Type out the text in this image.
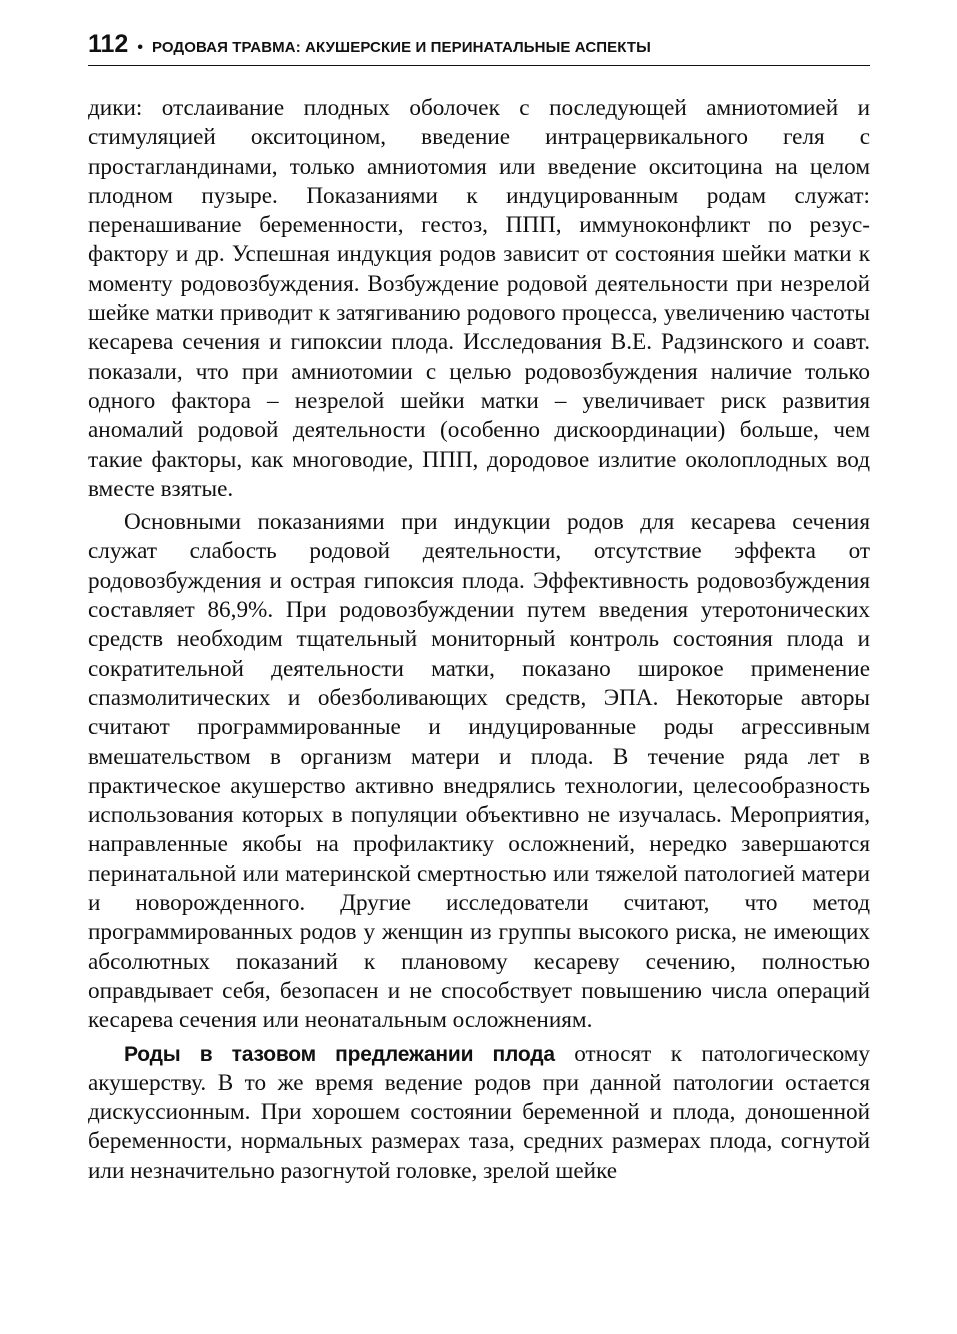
112 • РОДОВАЯ ТРАВМА: АКУШЕРСКИЕ И ПЕРИНАТАЛЬНЫЕ АСПЕКТЫ

дики: отслаивание плодных оболочек с последующей амниотомией и стимуляцией окситоцином, введение интрацервикального геля с простагландинами, только амниотомия или введение окситоцина на целом плодном пузыре. Показаниями к индуцированным родам служат: перенашивание беременности, гестоз, ППП, иммуноконфликт по резус-фактору и др. Успешная индукция родов зависит от состояния шейки матки к моменту родовозбуждения. Возбуждение родовой деятельности при незрелой шейке матки приводит к затягиванию родового процесса, увеличению частоты кесарева сечения и гипоксии плода. Исследования В.Е. Радзинского и соавт. показали, что при амниотомии с целью родовозбуждения наличие только одного фактора – незрелой шейки матки – увеличивает риск развития аномалий родовой деятельности (особенно дискоординации) больше, чем такие факторы, как многоводие, ППП, дородовое излитие околоплодных вод вместе взятые.

Основными показаниями при индукции родов для кесарева сечения служат слабость родовой деятельности, отсутствие эффекта от родовозбуждения и острая гипоксия плода. Эффективность родовозбуждения составляет 86,9%. При родовозбуждении путем введения утеротонических средств необходим тщательный мониторный контроль состояния плода и сократительной деятельности матки, показано широкое применение спазмолитических и обезболивающих средств, ЭПА. Некоторые авторы считают программированные и индуцированные роды агрессивным вмешательством в организм матери и плода. В течение ряда лет в практическое акушерство активно внедрялись технологии, целесообразность использования которых в популяции объективно не изучалась. Мероприятия, направленные якобы на профилактику осложнений, нередко завершаются перинатальной или материнской смертностью или тяжелой патологией матери и новорожденного. Другие исследователи считают, что метод программированных родов у женщин из группы высокого риска, не имеющих абсолютных показаний к плановому кесареву сечению, полностью оправдывает себя, безопасен и не способствует повышению числа операций кесарева сечения или неонатальным осложнениям.

Роды в тазовом предлежании плода относят к патологическому акушерству. В то же время ведение родов при данной патологии остается дискуссионным. При хорошем состоянии беременной и плода, доношенной беременности, нормальных размерах таза, средних размерах плода, согнутой или незначительно разогнутой головке, зрелой шейке
